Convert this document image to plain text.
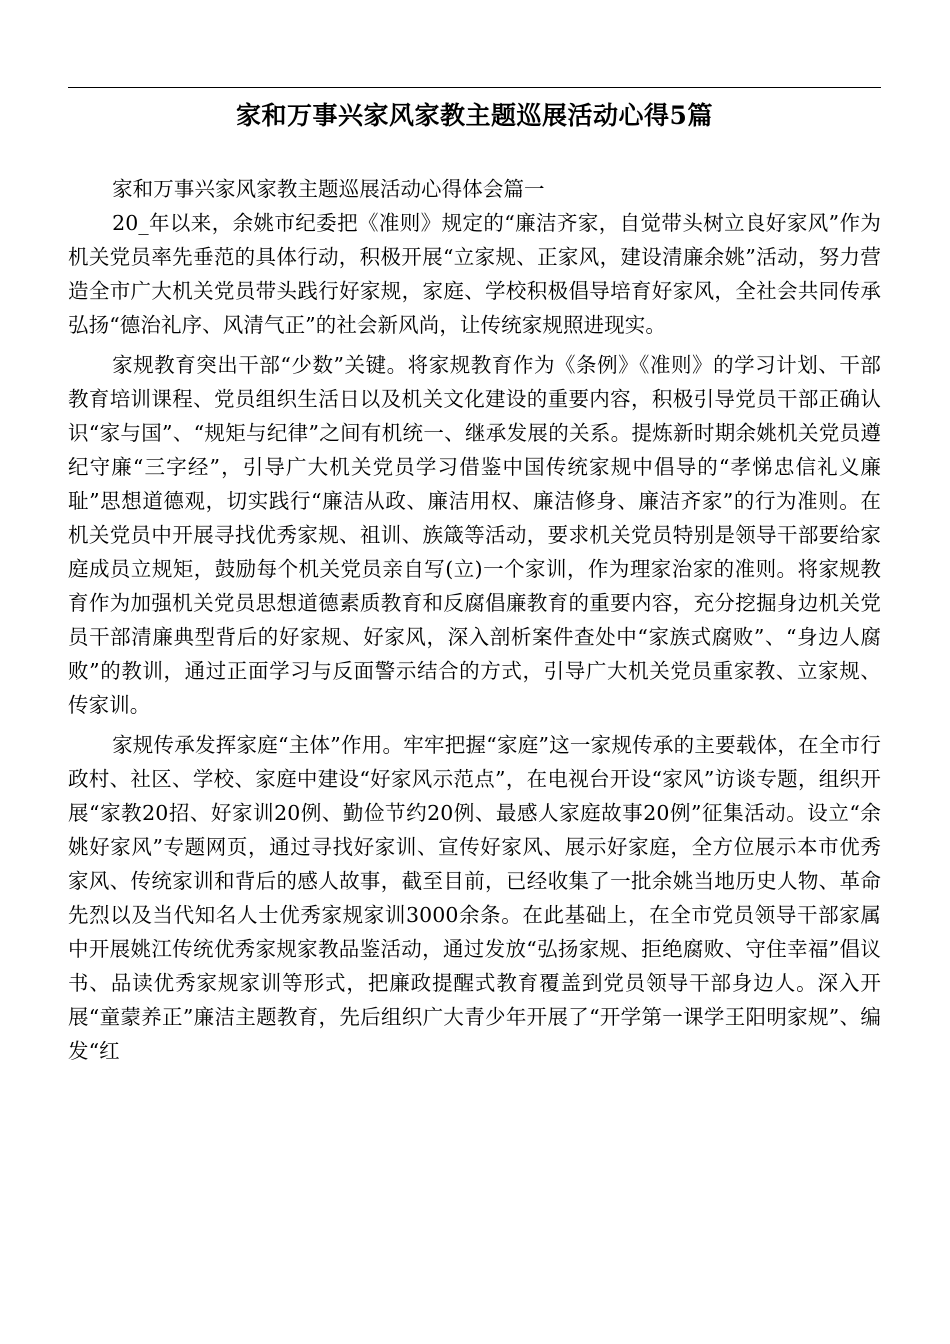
家和万事兴家风家教主题巡展活动心得5篇

家和万事兴家风家教主题巡展活动心得体会篇一

20_年以来，余姚市纪委把《准则》规定的“廉洁齐家，自觉带头树立良好家风”作为机关党员率先垂范的具体行动，积极开展“立家规、正家风，建设清廉余姚”活动，努力营造全市广大机关党员带头践行好家规，家庭、学校积极倡导培育好家风，全社会共同传承弘扬“德治礼序、风清气正”的社会新风尚，让传统家规照进现实。

家规教育突出干部“少数”关键。将家规教育作为《条例》《准则》的学习计划、干部教育培训课程、党员组织生活日以及机关文化建设的重要内容，积极引导党员干部正确认识“家与国”、“规矩与纪律”之间有机统一、继承发展的关系。提炼新时期余姚机关党员遵纪守廉“三字经”，引导广大机关党员学习借鉴中国传统家规中倡导的“孝悌忠信礼义廉耻”思想道德观，切实践行“廉洁从政、廉洁用权、廉洁修身、廉洁齐家”的行为准则。在机关党员中开展寻找优秀家规、祖训、族箴等活动，要求机关党员特别是领导干部要给家庭成员立规矩，鼓励每个机关党员亲自写(立)一个家训，作为理家治家的准则。将家规教育作为加强机关党员思想道德素质教育和反腐倡廉教育的重要内容，充分挖掘身边机关党员干部清廉典型背后的好家规、好家风，深入剖析案件查处中“家族式腐败”、“身边人腐败”的教训，通过正面学习与反面警示结合的方式，引导广大机关党员重家教、立家规、传家训。

家规传承发挥家庭“主体”作用。牢牢把握“家庭”这一家规传承的主要载体，在全市行政村、社区、学校、家庭中建设“好家风示范点”，在电视台开设“家风”访谈专题，组织开展“家教20招、好家训20例、勤俭节约20例、最感人家庭故事20例”征集活动。设立“余姚好家风”专题网页，通过寻找好家训、宣传好家风、展示好家庭，全方位展示本市优秀家风、传统家训和背后的感人故事，截至目前，已经收集了一批余姚当地历史人物、革命先烈以及当代知名人士优秀家规家训3000余条。在此基础上，在全市党员领导干部家属中开展姚江传统优秀家规家教品鉴活动，通过发放“弘扬家规、拒绝腐败、守住幸福”倡议书、品读优秀家规家训等形式，把廉政提醒式教育覆盖到党员领导干部身边人。深入开展“童蒙养正”廉洁主题教育，先后组织广大青少年开展了“开学第一课学王阳明家规”、编发“红
